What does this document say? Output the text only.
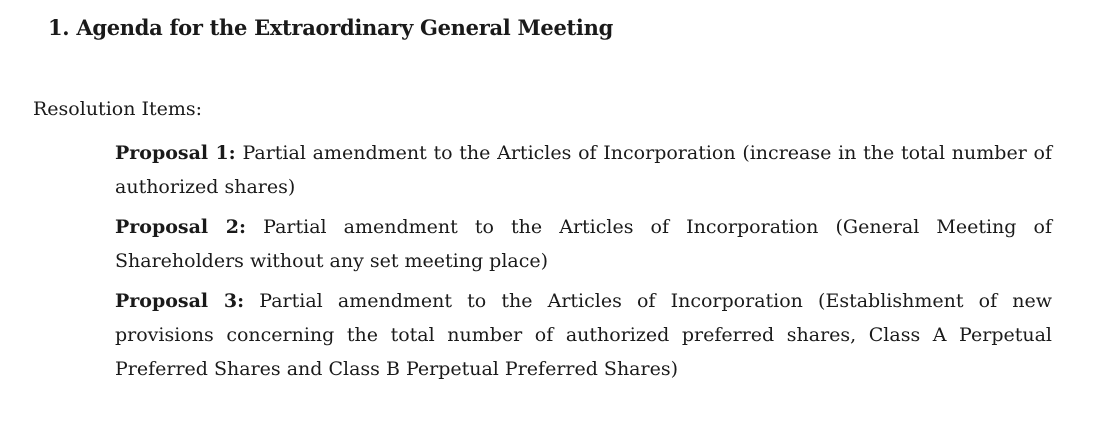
1. Agenda for the Extraordinary General Meeting
Resolution Items:

Proposal 1: Partial amendment to the Articles of Incorporation (increase in the total number of authorized shares)

Proposal 2: Partial amendment to the Articles of Incorporation (General Meeting of Shareholders without any set meeting place)

Proposal 3: Partial amendment to the Articles of Incorporation (Establishment of new provisions concerning the total number of authorized preferred shares, Class A Perpetual Preferred Shares and Class B Perpetual Preferred Shares)
